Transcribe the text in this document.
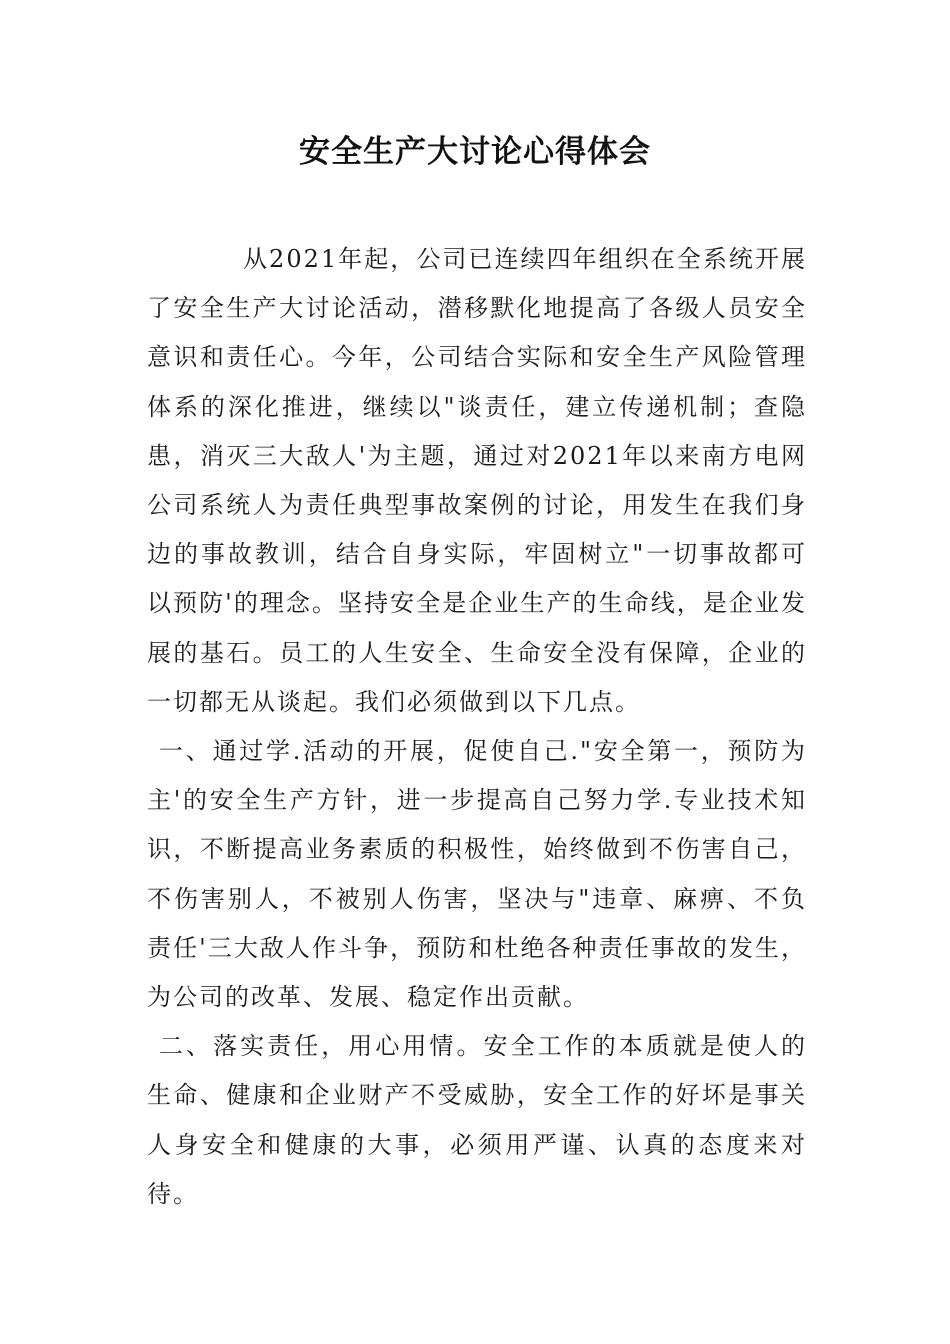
安全生产大讨论心得体会

从2021年起，公司已连续四年组织在全系统开展了安全生产大讨论活动，潜移默化地提高了各级人员安全意识和责任心。今年，公司结合实际和安全生产风险管理体系的深化推进，继续以"谈责任，建立传递机制；查隐患，消灭三大敌人'为主题，通过对2021年以来南方电网公司系统人为责任典型事故案例的讨论，用发生在我们身边的事故教训，结合自身实际，牢固树立"一切事故都可以预防'的理念。坚持安全是企业生产的生命线，是企业发展的基石。员工的人生安全、生命安全没有保障，企业的一切都无从谈起。我们必须做到以下几点。

一、通过学.活动的开展，促使自己."安全第一，预防为主'的安全生产方针，进一步提高自己努力学.专业技术知识，不断提高业务素质的积极性，始终做到不伤害自己，不伤害别人，不被别人伤害，坚决与"违章、麻痹、不负责任'三大敌人作斗争，预防和杜绝各种责任事故的发生，为公司的改革、发展、稳定作出贡献。

二、落实责任，用心用情。安全工作的本质就是使人的生命、健康和企业财产不受威胁，安全工作的好坏是事关人身安全和健康的大事，必须用严谨、认真的态度来对待。
